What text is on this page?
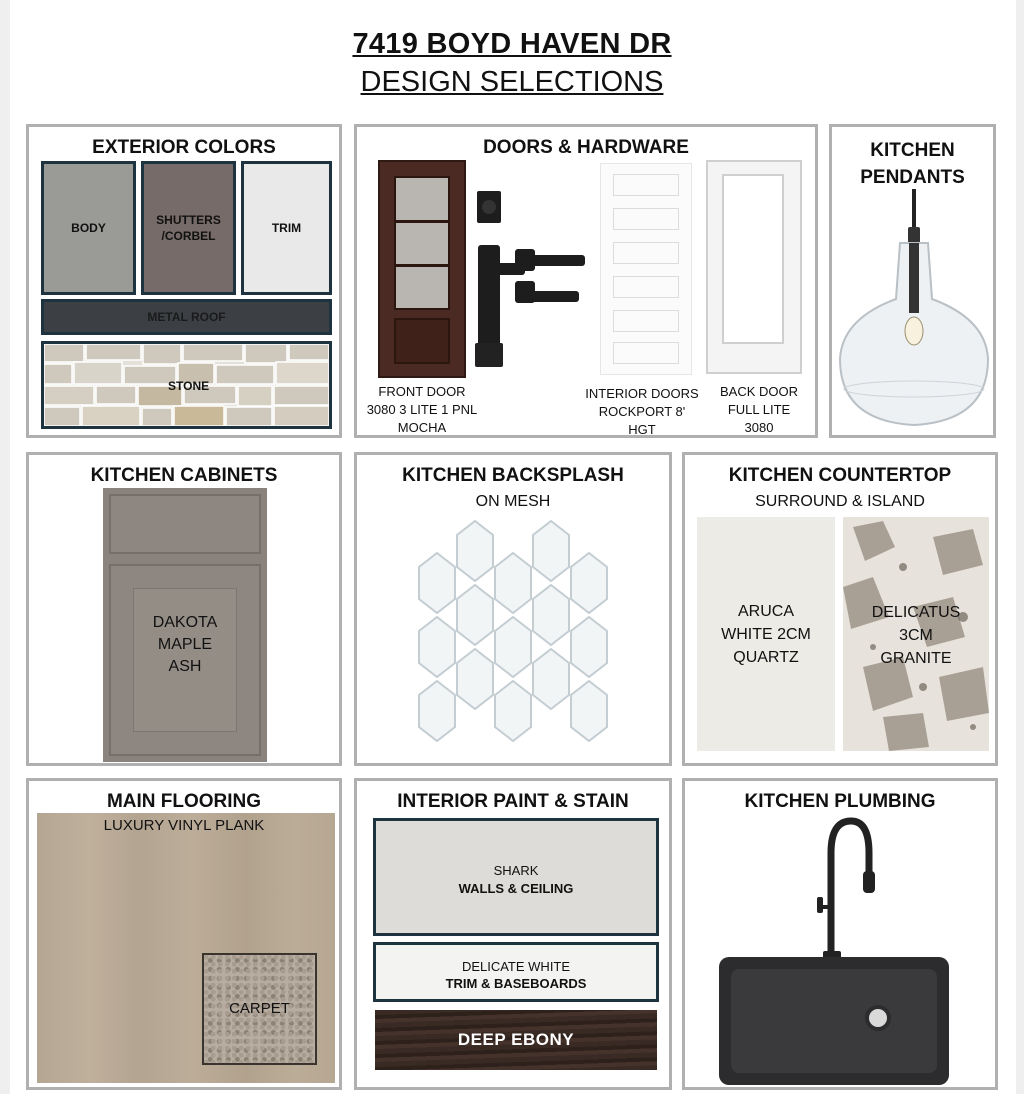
7419 BOYD HAVEN DR
DESIGN SELECTIONS
EXTERIOR COLORS
BODY
SHUTTERS
/CORBEL
TRIM
METAL ROOF
STONE
DOORS & HARDWARE
FRONT DOOR
3080 3 LITE 1 PNL
MOCHA
INTERIOR DOORS
ROCKPORT 8'
HGT
BACK DOOR
FULL LITE
3080
KITCHEN
PENDANTS
KITCHEN CABINETS
DAKOTA
MAPLE
ASH
KITCHEN BACKSPLASH
ON MESH
KITCHEN COUNTERTOP
SURROUND & ISLAND
ARUCA
WHITE 2CM
QUARTZ
DELICATUS
3CM
GRANITE
MAIN FLOORING
LUXURY VINYL PLANK
CARPET
INTERIOR PAINT & STAIN
SHARK
WALLS & CEILING
DELICATE WHITE
TRIM & BASEBOARDS
DEEP EBONY
KITCHEN PLUMBING
